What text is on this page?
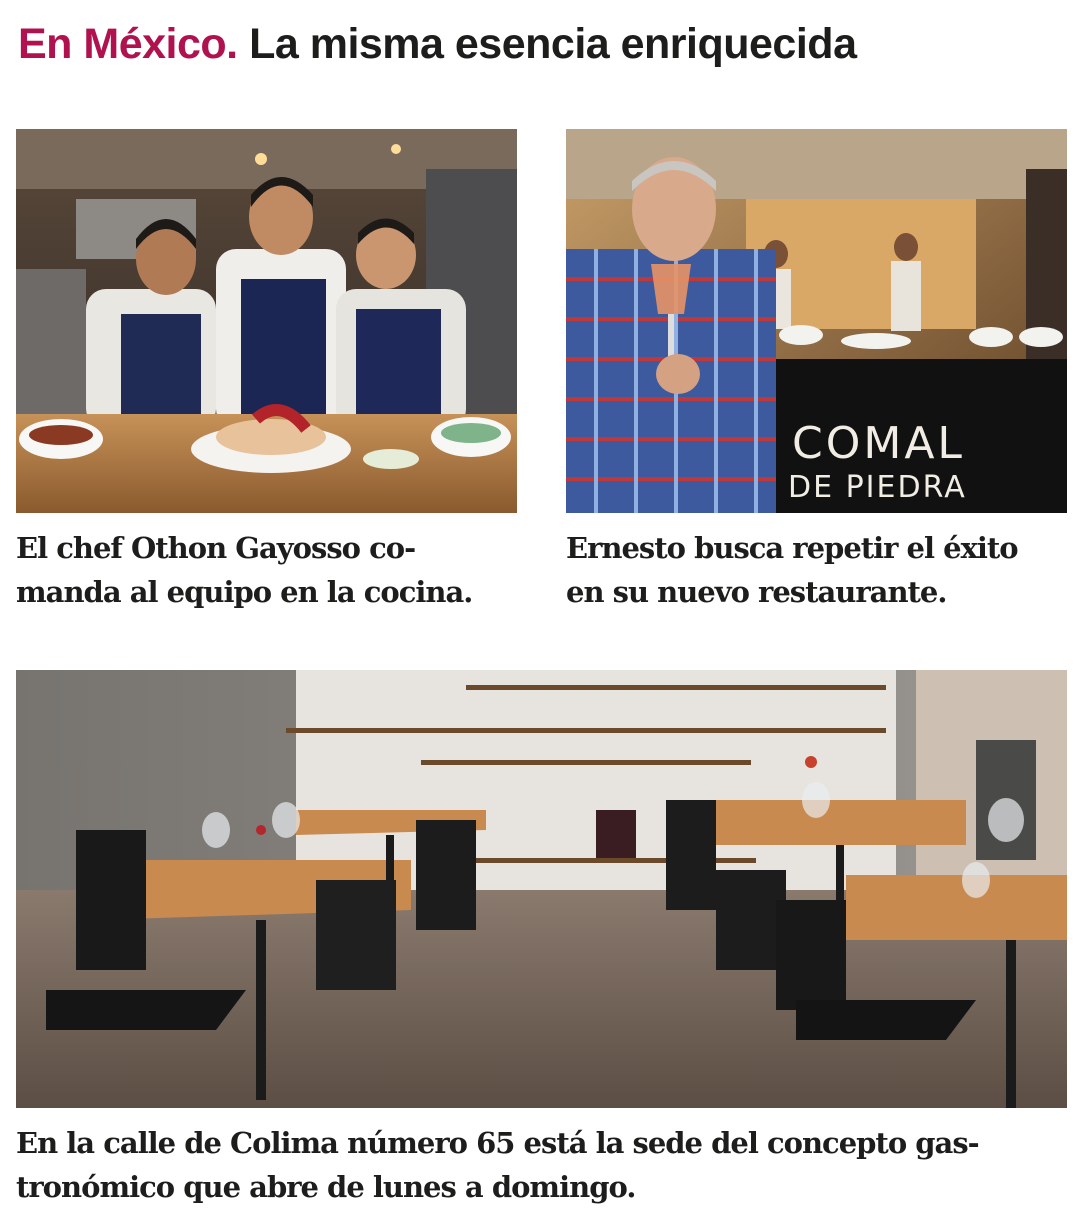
En México. La misma esencia enriquecida
COMAL
DE PIEDRA

El chef Othon Gayosso co-
manda al equipo en la cocina.

Ernesto busca repetir el éxito
en su nuevo restaurante.

En la calle de Colima número 65 está la sede del concepto gas-
tronómico que abre de lunes a domingo.
